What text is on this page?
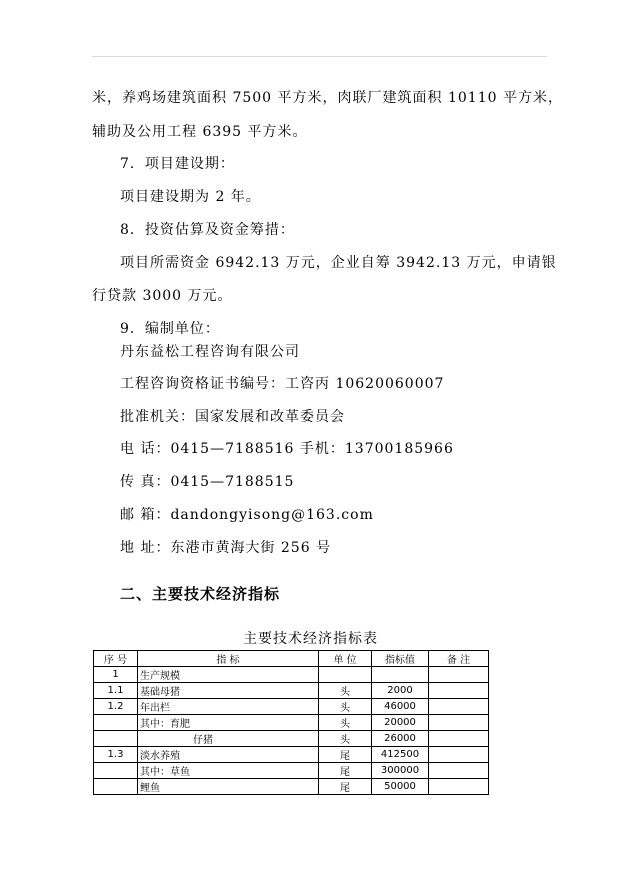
米，养鸡场建筑面积 7500 平方米，肉联厂建筑面积 10110 平方米，
辅助及公用工程 6395 平方米。
7．项目建设期：
项目建设期为 2 年。
8．投资估算及资金筹措：
项目所需资金 6942.13 万元，企业自筹 3942.13 万元，申请银
行贷款 3000 万元。
9．编制单位：
丹东益松工程咨询有限公司
工程咨询资格证书编号：工咨丙 10620060007
批准机关：国家发展和改革委员会
电 话：0415—7188516 手机：13700185966
传 真：0415—7188515
邮 箱：dandongyisong@163.com
地 址：东港市黄海大街 256 号
二、主要技术经济指标
主要技术经济指标表
序 号	指 标	单 位	指标值	备 注
1	生产规模			
1.1	基础母猪	头	2000	
1.2	年出栏	头	46000	
	其中：育肥	头	20000	
	仔猪	头	26000	
1.3	淡水养殖	尾	412500	
	其中：草鱼	尾	300000	
	鲤鱼	尾	50000	
